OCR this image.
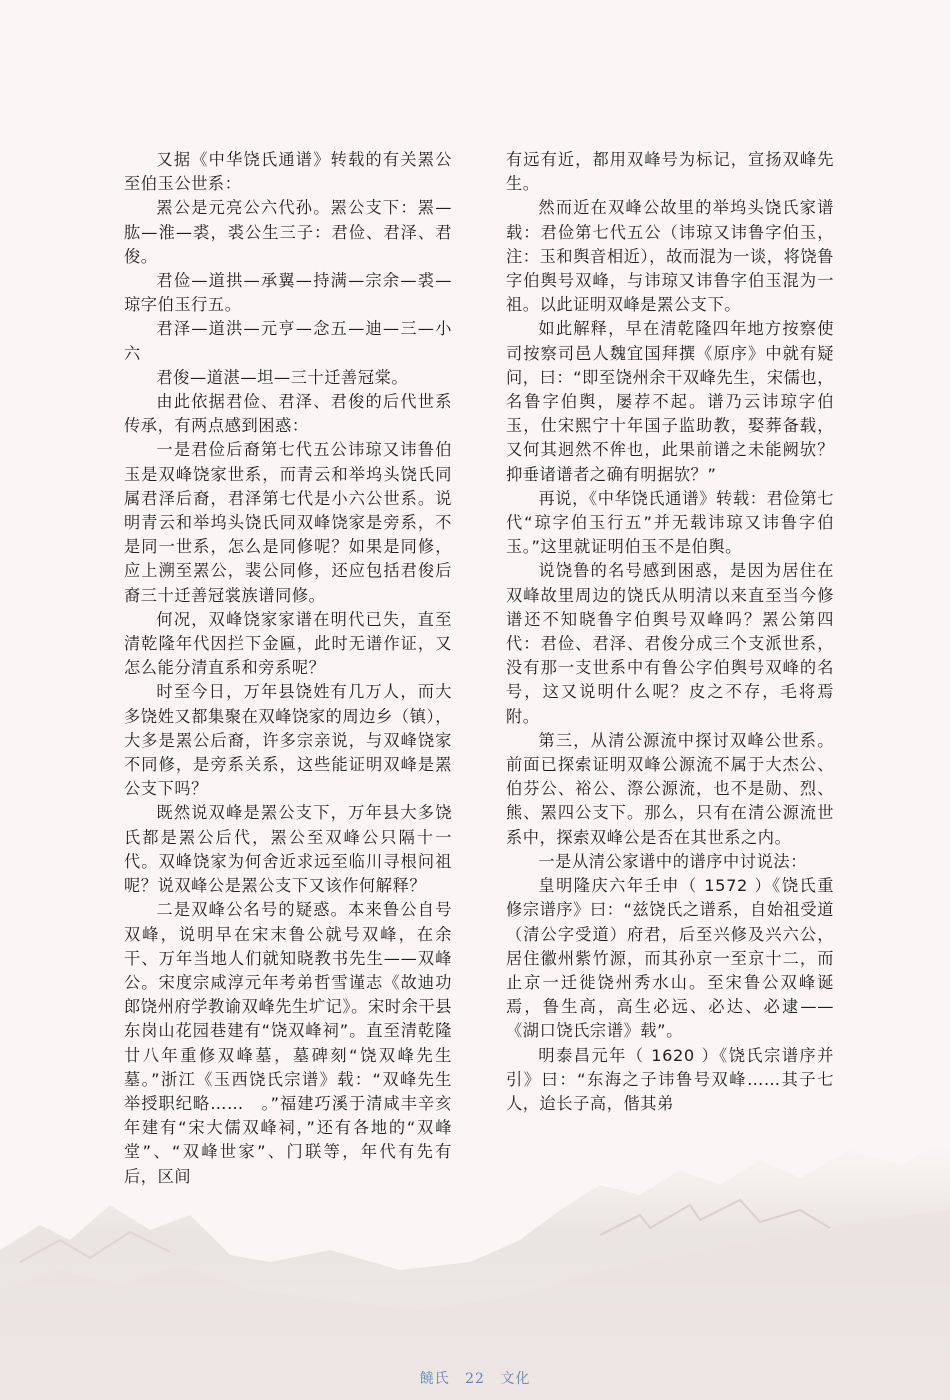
又据《中华饶氏通谱》转载的有关罴公至伯玉公世系：

罴公是元亮公六代孙。罴公支下：罴—肱—淮—裘，裘公生三子：君俭、君泽、君俊。

君俭—道拱—承翼—持满—宗余—裘—琼字伯玉行五。

君泽—道洪—元亨—念五—迪—三—小六

君俊—道湛—坦—三十迁善冠棠。

由此依据君俭、君泽、君俊的后代世系传承，有两点感到困惑：

一是君俭后裔第七代五公讳琼又讳鲁伯玉是双峰饶家世系，而青云和举坞头饶氏同属君泽后裔，君泽第七代是小六公世系。说明青云和举坞头饶氏同双峰饶家是旁系，不是同一世系，怎么是同修呢？如果是同修，应上溯至罴公，裴公同修，还应包括君俊后裔三十迁善冠裳族谱同修。

何况，双峰饶家家谱在明代已失，直至清乾隆年代因拦下金匾，此时无谱作证，又怎么能分清直系和旁系呢？

时至今日，万年县饶姓有几万人，而大多饶姓又都集聚在双峰饶家的周边乡（镇），大多是罴公后裔，许多宗亲说，与双峰饶家不同修，是旁系关系，这些能证明双峰是罴公支下吗？

既然说双峰是罴公支下，万年县大多饶氏都是罴公后代，罴公至双峰公只隔十一代。双峰饶家为何舍近求远至临川寻根问祖呢？说双峰公是罴公支下又该作何解释？

二是双峰公名号的疑惑。本来鲁公自号双峰，说明早在宋末鲁公就号双峰，在余干、万年当地人们就知晓教书先生——双峰公。宋度宗咸淳元年考弟哲雪谨志《故迪功郎饶州府学教谕双峰先生圹记》。宋时余干县东岗山花园巷建有“饶双峰祠”。直至清乾隆廿八年重修双峰墓，墓碑刻“饶双峰先生墓。”浙江《玉西饶氏宗谱》载：“双峰先生　举授职纪略……　。”福建巧溪于清咸丰辛亥年建有“宋大儒双峰祠，”还有各地的“双峰堂”、“双峰世家”、门联等，年代有先有后，区间

有远有近，都用双峰号为标记，宣扬双峰先生。

然而近在双峰公故里的举坞头饶氏家谱载：君俭第七代五公（讳琼又讳鲁字伯玉，注：玉和舆音相近），故而混为一谈，将饶鲁字伯舆号双峰，与讳琼又讳鲁字伯玉混为一祖。以此证明双峰是罴公支下。

如此解释，早在清乾隆四年地方按察使司按察司邑人魏宜国拜撰《原序》中就有疑问，曰：“即至饶州余干双峰先生，宋儒也，名鲁字伯舆，屡荐不起。谱乃云讳琼字伯玉，仕宋熙宁十年国子监助教，娶葬备载，又何其迥然不侔也，此果前谱之未能阙欤？抑垂诸谱者之确有明据欤？”

再说，《中华饶氏通谱》转载：君俭第七代“琼字伯玉行五”并无载讳琼又讳鲁字伯玉。”这里就证明伯玉不是伯舆。

说饶鲁的名号感到困惑，是因为居住在双峰故里周边的饶氏从明清以来直至当今修谱还不知晓鲁字伯舆号双峰吗？罴公第四代：君俭、君泽、君俊分成三个支派世系，没有那一支世系中有鲁公字伯舆号双峰的名号，这又说明什么呢？皮之不存，毛将焉附。

第三，从清公源流中探讨双峰公世系。前面已探索证明双峰公源流不属于大杰公、伯芬公、裕公、漈公源流，也不是勋、烈、熊、罴四公支下。那么，只有在清公源流世系中，探索双峰公是否在其世系之内。

一是从清公家谱中的谱序中讨说法：

皇明隆庆六年壬申（ 1572 ）《饶氏重修宗谱序》曰：“兹饶氏之谱系，自始祖受道（清公字受道）府君，后至兴修及兴六公，居住徽州紫竹源，而其孙京一至京十二，而止京一迁徙饶州秀水山。至宋鲁公双峰诞焉，鲁生高，高生必远、必达、必逮——《湖口饶氏宗谱》载”。

明泰昌元年（ 1620 ）《饶氏宗谱序并引》曰：“东海之子讳鲁号双峰……其子七人，迨长子高，偕其弟

饒氏 22 文化
